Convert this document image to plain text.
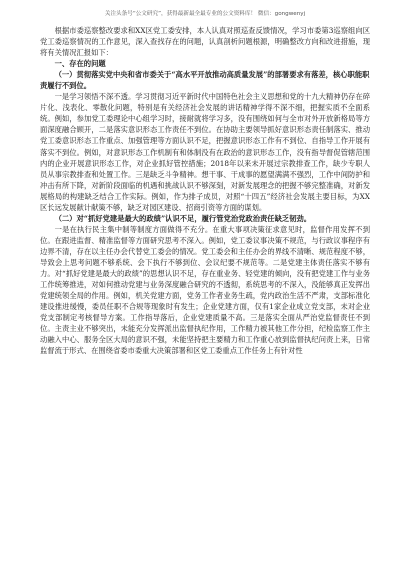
关注头条号“公文研究”，获得最新最全最专业的公文资料库！ 微信：gongwenyj

根据市委巡察整改要求和XX区党工委安排，本人认真对照巡查反馈情况，学习市委第3巡察组向区党工委巡察情况的工作意见，深入查找存在的问题，认真剖析问题根源，明确整改方向和改进措施，现将有关情况汇报如下：

一、存在的问题
（一）贯彻落实党中央和省市委关于“高水平开放推动高质量发展”的部署要求有落差，核心职能职责履行不到位。

一是学习领悟不深不透。学习贯彻习近平新时代中国特色社会主义思想和党的十九大精神仍存在碎片化、浅表化、零散化问题，特别是有关经济社会发展的讲话精神学得不深不细，把握实质不全面系统。例如，参加党工委理论中心组学习时，接耐就将学习多，没有围绕如何与全市对外开放新格局等方面深度融合顾开，二是落实意识形态工作责任不到位。在协助主要领导抓好意识形态责任制落实、推动党工委意识形态工作重点、加强管理等方面认识不足，把握意识形态工作有不到位、自指导工作开展有落实不到位。例如，对意识形态工作机制有和体制没有在政治的意识形态工作，没有指导督促管辖范围内的企业开展意识形态工作，对企业抓好管控措施；2018年以来未开展过宗教排查工作，缺少专职人员从事宗教排查和处置工作。三是缺乏斗争精神。想干事、干成事的愿望满满不强烈，工作中间防护和冲击有所下降，对新阶段面临的机遇和挑战认识不够深刻，对新发展理念的把握不够完整准确，对新发展格局的构建缺乏结合工作实际。例如，作为排子成员，对照“十四五”经济社会发展主要目标，为XX区长远发展献计献策不够，缺乏对园区建设、招商引资等方面的谋划。

（二）对“抓好党建是最大的政绩”认识不足，履行管党治党政治责任缺乏韧劲。

一是在执行民主集中制等制度方面做得不充分。在重大事项决策征求意见时，监督作用发挥不到位。在跟进监督、精准监督等方面研究思考不深入。例如，党工委议事决策不规范，与行政议事程序有边界不清，存在以主任办会代替党工委会的情况。党工委会和主任办会的界线不清晰、规范程度不够，导致会上思考问题不够系统、会下执行不够到位、会议纪要不规范等。二是党建主体责任落实不够有力。对“抓好党建是最大的政绩”的思想认识不足，存在重业务、轻党建的倾向，没有把党建工作与业务工作统筹推进，对如何推动党建与业务深度融合研究的不透彻，系统思考的不深入，没能够真正发挥出党建统领全局的作用。例如，机关党建方面，党务工作者业务生疏，党内政治生活不严肃，支部标准化建设推进缓慢，委员任职不合规等现象时有发生；企业党建方面，仅有1家企业成立党支部，未对企业党支部制定考核督导方案。工作指导落后，企业党建质量不高。三是落实全面从严治党监督责任不到位。主责主业不够突出，未能充分发挥派出监督执纪作用，工作精力被其他工作分担，纪检监察工作主动融入中心、服务全区大局的意识不强，未能坚持把主要精力和工作重心放到监督执纪问责上来，日常监督流于形式、在围绕省委市委重大决策部署和区党工委重点工作任务上有针对性
